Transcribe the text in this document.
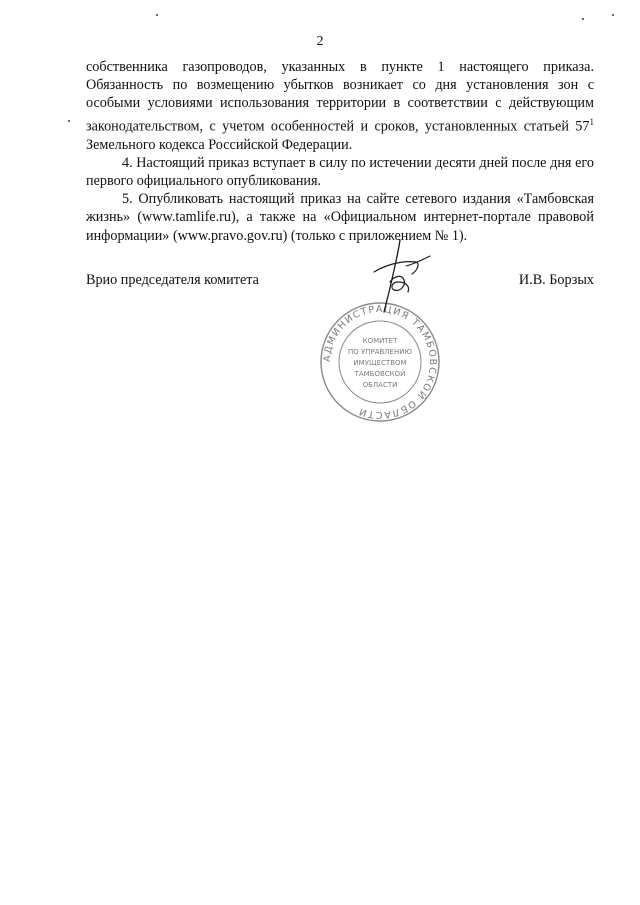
2

собственника газопроводов, указанных в пункте 1 настоящего приказа. Обязанность по возмещению убытков возникает со дня установления зон с особыми условиями использования территории в соответствии с действующим законодательством, с учетом особенностей и сроков, установленных статьей $57^1$ Земельного кодекса Российской Федерации.

4. Настоящий приказ вступает в силу по истечении десяти дней после дня его первого официального опубликования.

5. Опубликовать настоящий приказ на сайте сетевого издания «Тамбовская жизнь» (www.tamlife.ru), а также на «Официальном интернет-портале правовой информации» (www.pravo.gov.ru) (только с приложением № 1).

Врио председателя комитета	И.В. Борзых
АДМИНИСТРАЦИЯ ТАМБОВСКОЙ ОБЛАСТИ
КОМИТЕТ
ПО УПРАВЛЕНИЮ
ИМУЩЕСТВОМ
ТАМБОВСКОЙ
ОБЛАСТИ
